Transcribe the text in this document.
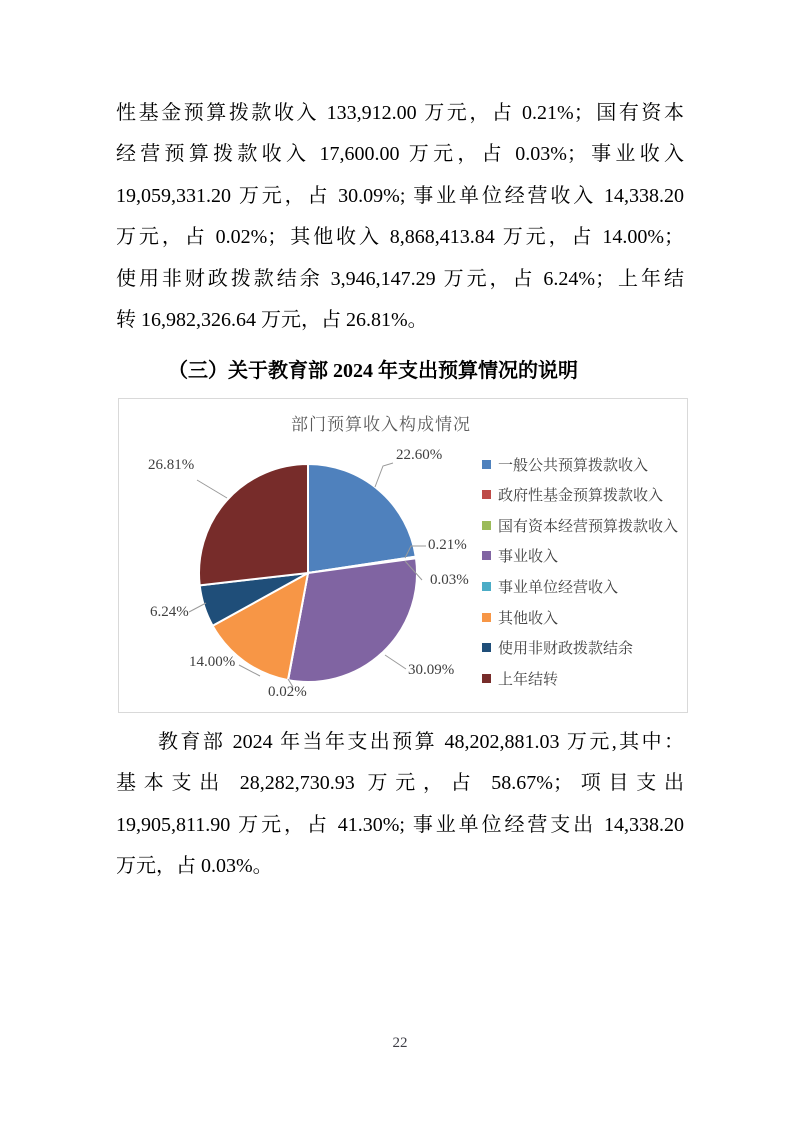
性基金预算拨款收入 133,912.00 万元，占 0.21%；国有资本
经营预算拨款收入 17,600.00 万元，占 0.03%；事业收入
19,059,331.20 万元，占 30.09%; 事业单位经营收入 14,338.20
万元，占 0.02%；其他收入 8,868,413.84 万元，占 14.00%；
使用非财政拨款结余 3,946,147.29 万元，占 6.24%；上年结
转 16,982,326.64 万元，占 26.81%。
（三）关于教育部 2024 年支出预算情况的说明
部门预算收入构成情况
22.60%
0.21%
0.03%
30.09%
0.02%
14.00%
6.24%
26.81%	一般公共预算拨款收入
政府性基金预算拨款收入
国有资本经营预算拨款收入
事业收入
事业单位经营收入
其他收入
使用非财政拨款结余
上年结转
教育部 2024 年当年支出预算 48,202,881.03 万元,其中：
基本支出 28,282,730.93 万元，占 58.67%；项目支出
19,905,811.90 万元，占 41.30%; 事业单位经营支出 14,338.20
万元，占 0.03%。
22
